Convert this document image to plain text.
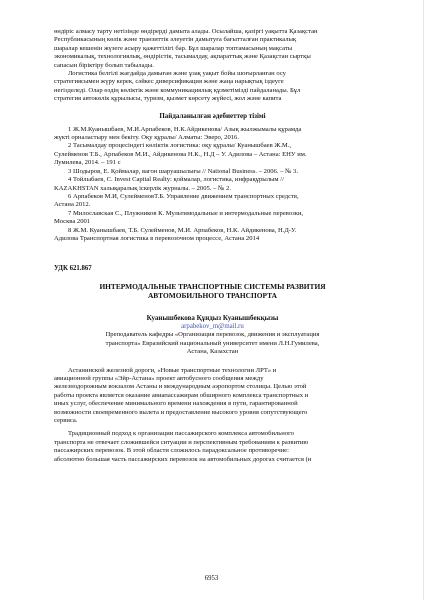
өндіріс алмасу тарту нетізінде өндірерді дамыта алады. Осылайша, қазіргі уақытта Қазақстан
Республикасының көлік және транзиттік әлеуетін дамытуға бағытталған практикалық
шаралар кешенін жүзеге асыру қажеттілігі бар. Бұл шаралар топтамасының мақсаты
экономикалық, технологиялық, өндірістік, тасымалдау, ақпараттық және Қазақстан сыртқы
сапасын біріктіру болып табылады.
Логистика белгілі жағдайда дамыған және ұзақ уақыт бойы шоғырланған осу
стратегиясымен жүру керек, сәйкес диверсификация және жаңа нарықтық іздеуге
негізделеді. Олар өздің көліктік және коммуникациялық құзметімізді пайдаланады. Бұл
стратегия автокөлік құрылысы, туризм, қызмет көрсету жүйесі, жол және капита

Пайдаланылған әдебиеттер тізімі

1 Ж.М.Куанышбаев, М.И.Арпабеков, Н.К.Айдикенова/ Азық жылжымалы құрамда

жүкті орналастыру мен бекіту. Оқу құралы/ Алматы: Эверо, 2016.

2 Тасымалдау процесіндегі көліктік логистика: оқу құралы/ Куанышбаев Ж.М.,

Сулейменов Т.Б., Арпабеков М.И., Айдикенова Н.К., Н.Д – У. Адилова – Астана: ЕНУ им.

Лумилева, 2014. – 191 с

3 Шодыров, Е. Қоймалар, вагон шаруашылығы // National Business. – 2006. – № 3.

4 Тойлыбаев, С. Invest Capital Realty: қоймалар, логистика, инфрақұрылым //

KAZAKHSTAN халықаралық іскерлік журналы. – 2005. – № 2.

6 Арпабеков М.И, СулейменовТ.Б. Управление движением транспортных средств,

Астана 2012.

7 Милославская С., Плужников К. Мультимодальные и интермодальные перевозки,

Москва 2001

8 Ж.М. Куанышбаев, Т.Б. Сулейменов, М.И. Арпабеков, Н.К. Айдикенова, Н.Д-У.

Адилова Транспортная логистика в перевозочном процессе, Астана 2014

УДК 621.867

ИНТЕРМОДАЛЬНЫЕ ТРАНСПОРТНЫЕ СИСТЕМЫ РАЗВИТИЯ

АВТОМОБИЛЬНОГО ТРАНСПОРТА

Куанышбекова Құндыз Куанышбекқызы

arpabekov_m@mail.ru

Преподаватель кафедры «Организация перевозок, движения и эксплуатация

транспорта» Евразийский национальный университет имени Л.Н.Гумилева,

Астана, Казахстан

Астанинской железной дороги, «Новые транспортные технологии ЛРТ» и
авиационной группы «Эйр-Астана» проект автобусного сообщения между
железнодорожным вокзалом Астаны и международным аэропортом столицы. Целью этой
работы проекта является оказание авиапассажирам обширного комплекса транспортных и
иных услуг, обеспечение минимального времени нахождения в пути, гарантированной
возможности своевременного вылета и предоставление высокого уровня сопутствующего
сервиса.
Традиционный подход к организации пассажирского комплекса автомобильного
транспорта не отвечает сложившейся ситуации и перспективным требованиям к развитию
пассажирских перевозок. В этой области сложилось парадоксальное противоречие:
абсолютно большая часть пассажирских перевозок на автомобильных дорогах считается (и

6953
